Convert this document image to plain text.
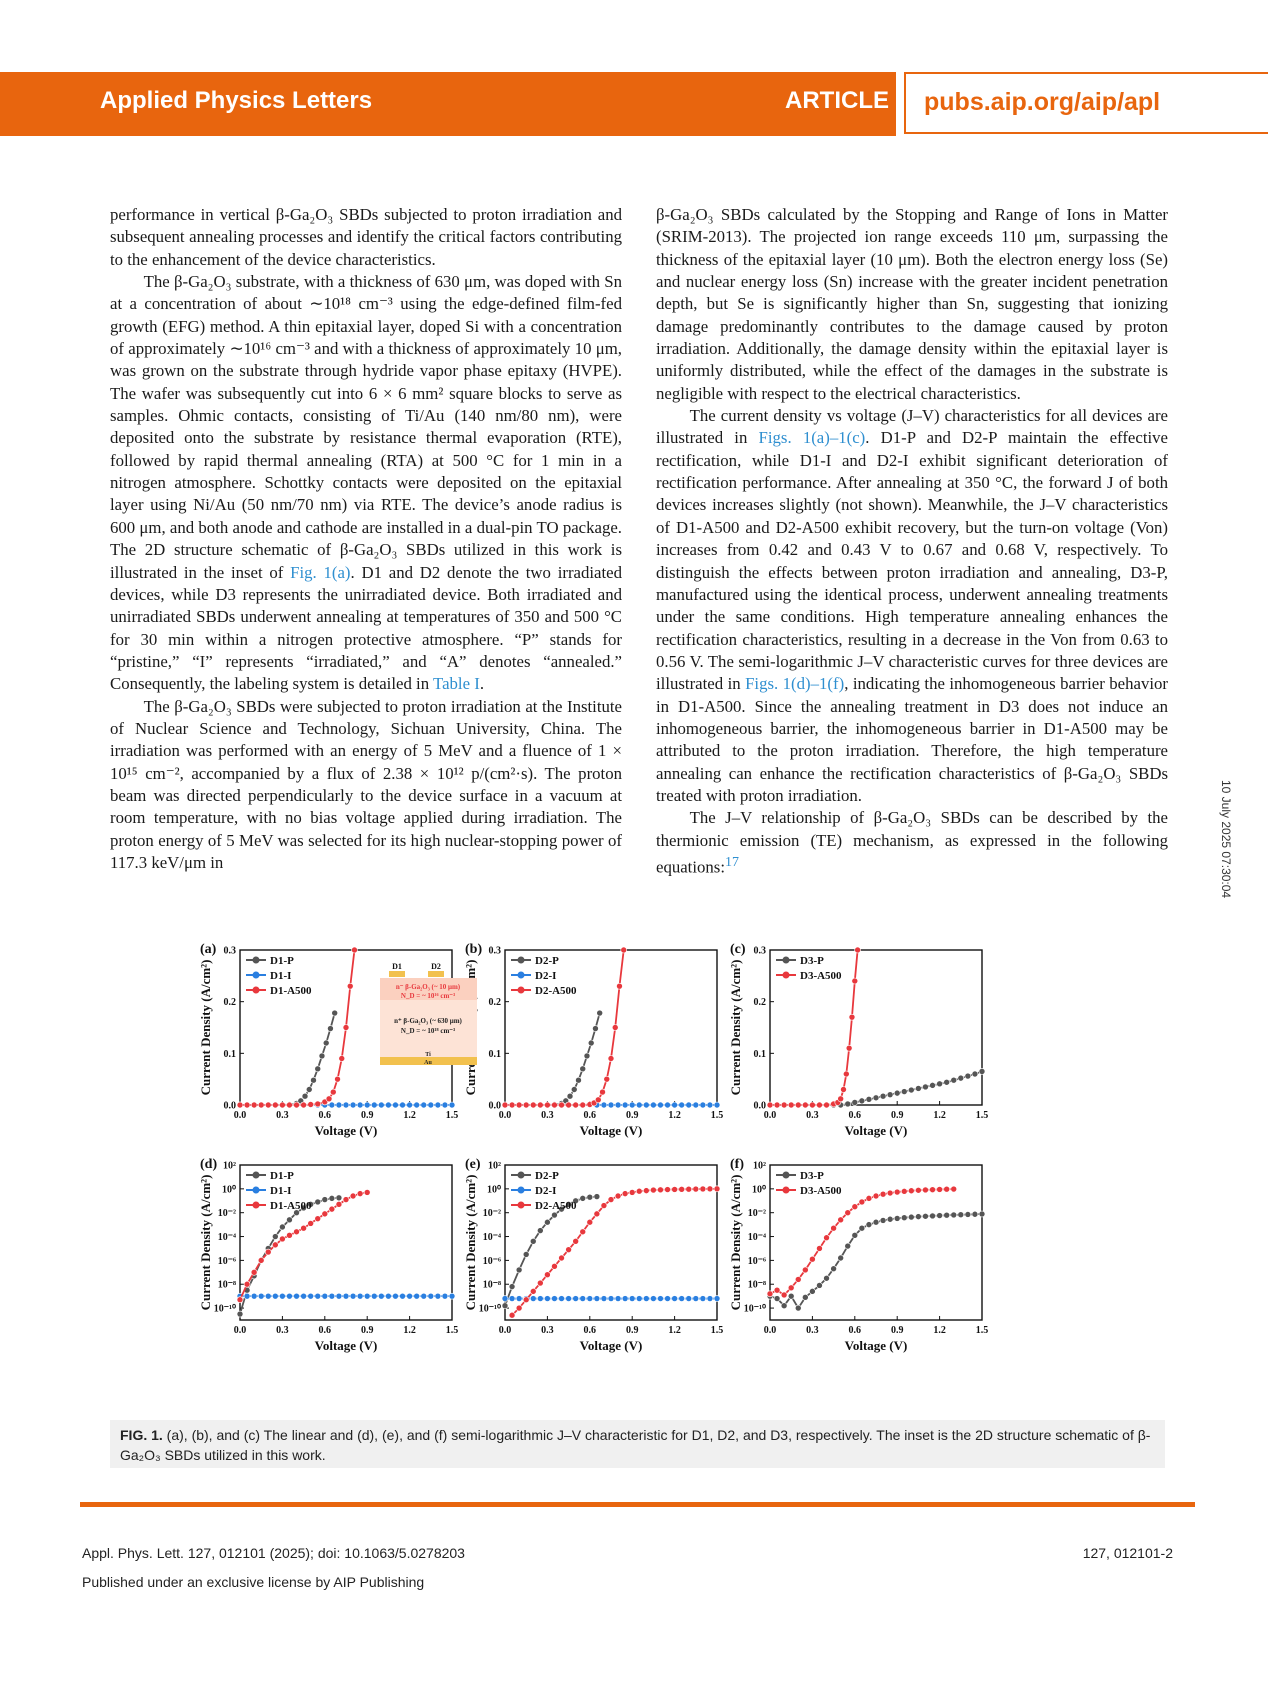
Applied Physics Letters	ARTICLE pubs.aip.org/aip/apl

performance in vertical β-Ga₂O₃ SBDs subjected to proton irradiation and subsequent annealing processes and identify the critical factors contributing to the enhancement of the device characteristics.

The β-Ga₂O₃ substrate, with a thickness of 630 μm, was doped with Sn at a concentration of about ∼10¹⁸ cm⁻³ using the edge-defined film-fed growth (EFG) method. A thin epitaxial layer, doped Si with a concentration of approximately ∼10¹⁶ cm⁻³ and with a thickness of approximately 10 μm, was grown on the substrate through hydride vapor phase epitaxy (HVPE). The wafer was subsequently cut into 6 × 6 mm² square blocks to serve as samples. Ohmic contacts, consisting of Ti/Au (140 nm/80 nm), were deposited onto the substrate by resistance thermal evaporation (RTE), followed by rapid thermal annealing (RTA) at 500 °C for 1 min in a nitrogen atmosphere. Schottky contacts were deposited on the epitaxial layer using Ni/Au (50 nm/70 nm) via RTE. The device’s anode radius is 600 μm, and both anode and cathode are installed in a dual-pin TO package. The 2D structure schematic of β-Ga₂O₃ SBDs utilized in this work is illustrated in the inset of Fig. 1(a). D1 and D2 denote the two irradiated devices, while D3 represents the unirradiated device. Both irradiated and unirradiated SBDs underwent annealing at temperatures of 350 and 500 °C for 30 min within a nitrogen protective atmosphere. “P” stands for “pristine,” “I” represents “irradiated,” and “A” denotes “annealed.” Consequently, the labeling system is detailed in Table I.

The β-Ga₂O₃ SBDs were subjected to proton irradiation at the Institute of Nuclear Science and Technology, Sichuan University, China. The irradiation was performed with an energy of 5 MeV and a fluence of 1 × 10¹⁵ cm⁻², accompanied by a flux of 2.38 × 10¹² p/(cm²·s). The proton beam was directed perpendicularly to the device surface in a vacuum at room temperature, with no bias voltage applied during irradiation. The proton energy of 5 MeV was selected for its high nuclear-stopping power of 117.3 keV/μm in

β-Ga₂O₃ SBDs calculated by the Stopping and Range of Ions in Matter (SRIM-2013). The projected ion range exceeds 110 μm, surpassing the thickness of the epitaxial layer (10 μm). Both the electron energy loss (Se) and nuclear energy loss (Sn) increase with the greater incident penetration depth, but Se is significantly higher than Sn, suggesting that ionizing damage predominantly contributes to the damage caused by proton irradiation. Additionally, the damage density within the epitaxial layer is uniformly distributed, while the effect of the damages in the substrate is negligible with respect to the electrical characteristics.

The current density vs voltage (J–V) characteristics for all devices are illustrated in Figs. 1(a)–1(c). D1-P and D2-P maintain the effective rectification, while D1-I and D2-I exhibit significant deterioration of rectification performance. After annealing at 350 °C, the forward J of both devices increases slightly (not shown). Meanwhile, the J–V characteristics of D1-A500 and D2-A500 exhibit recovery, but the turn-on voltage (Von) increases from 0.42 and 0.43 V to 0.67 and 0.68 V, respectively. To distinguish the effects between proton irradiation and annealing, D3-P, manufactured using the identical process, underwent annealing treatments under the same conditions. High temperature annealing enhances the rectification characteristics, resulting in a decrease in the Von from 0.63 to 0.56 V. The semi-logarithmic J–V characteristic curves for three devices are illustrated in Figs. 1(d)–1(f), indicating the inhomogeneous barrier behavior in D1-A500. Since the annealing treatment in D3 does not induce an inhomogeneous barrier, the inhomogeneous barrier in D1-A500 may be attributed to the proton irradiation. Therefore, the high temperature annealing can enhance the rectification characteristics of β-Ga₂O₃ SBDs treated with proton irradiation.

The J–V relationship of β-Ga₂O₃ SBDs can be described by the thermionic emission (TE) mechanism, as expressed in the following equations:$^{17}$	10 July 2025 07:30:04
0.0	0.3	0.6	0.9	1.2	1.5
0.0
0.1
0.2
0.3
Voltage (V)
Current Density (A/cm²)
(a)
D1-P
D1-I
D1-A500
0.0	0.3	0.6	0.9	1.2	1.5
0.0
0.1
0.2
0.3
Voltage (V)
(b)
D2-P
D2-I
D2-A500
0.0	0.3	0.6	0.9	1.2	1.5
0.0
0.1
0.2
0.3
Voltage (V)
Current Density (A/cm²)
(c)
D3-P
D3-A500
0.0	0.3	0.6	0.9	1.2	1.5
10²
10⁰
10⁻²
10⁻⁴
10⁻⁶
10⁻⁸
10⁻¹⁰
Voltage (V)
Current Density (A/cm²)
(d)
D1-P
D1-I
D1-A500
0.0	0.3	0.6	0.9	1.2	1.5
10²
10⁰
10⁻²
10⁻⁴
10⁻⁶
10⁻⁸
10⁻¹⁰
Voltage (V)
Current Density (A/cm²)
(e)
D2-P
D2-I
D2-A500
0.0	0.3	0.6	0.9	1.2	1.5
10²
10⁰
10⁻²
10⁻⁴
10⁻⁶
10⁻⁸
10⁻¹⁰
Voltage (V)
Current Density (A/cm²)
(f)
D3-P
D3-A500
D1	D2
n⁻ β-Ga₂O₃ (~ 10 μm)
N_D = ~ 10¹⁶ cm⁻³
n⁺ β-Ga₂O₃ (~ 630 μm)
N_D = ~ 10¹⁸ cm⁻³
Ti
Au
FIG. 1. (a), (b), and (c) The linear and (d), (e), and (f) semi-logarithmic J–V characteristic for D1, D2, and D3, respectively. The inset is the 2D structure schematic of β-Ga₂O₃ SBDs utilized in this work.
Appl. Phys. Lett. 127, 012101 (2025); doi: 10.1063/5.0278203	127, 012101-2
Published under an exclusive license by AIP Publishing
